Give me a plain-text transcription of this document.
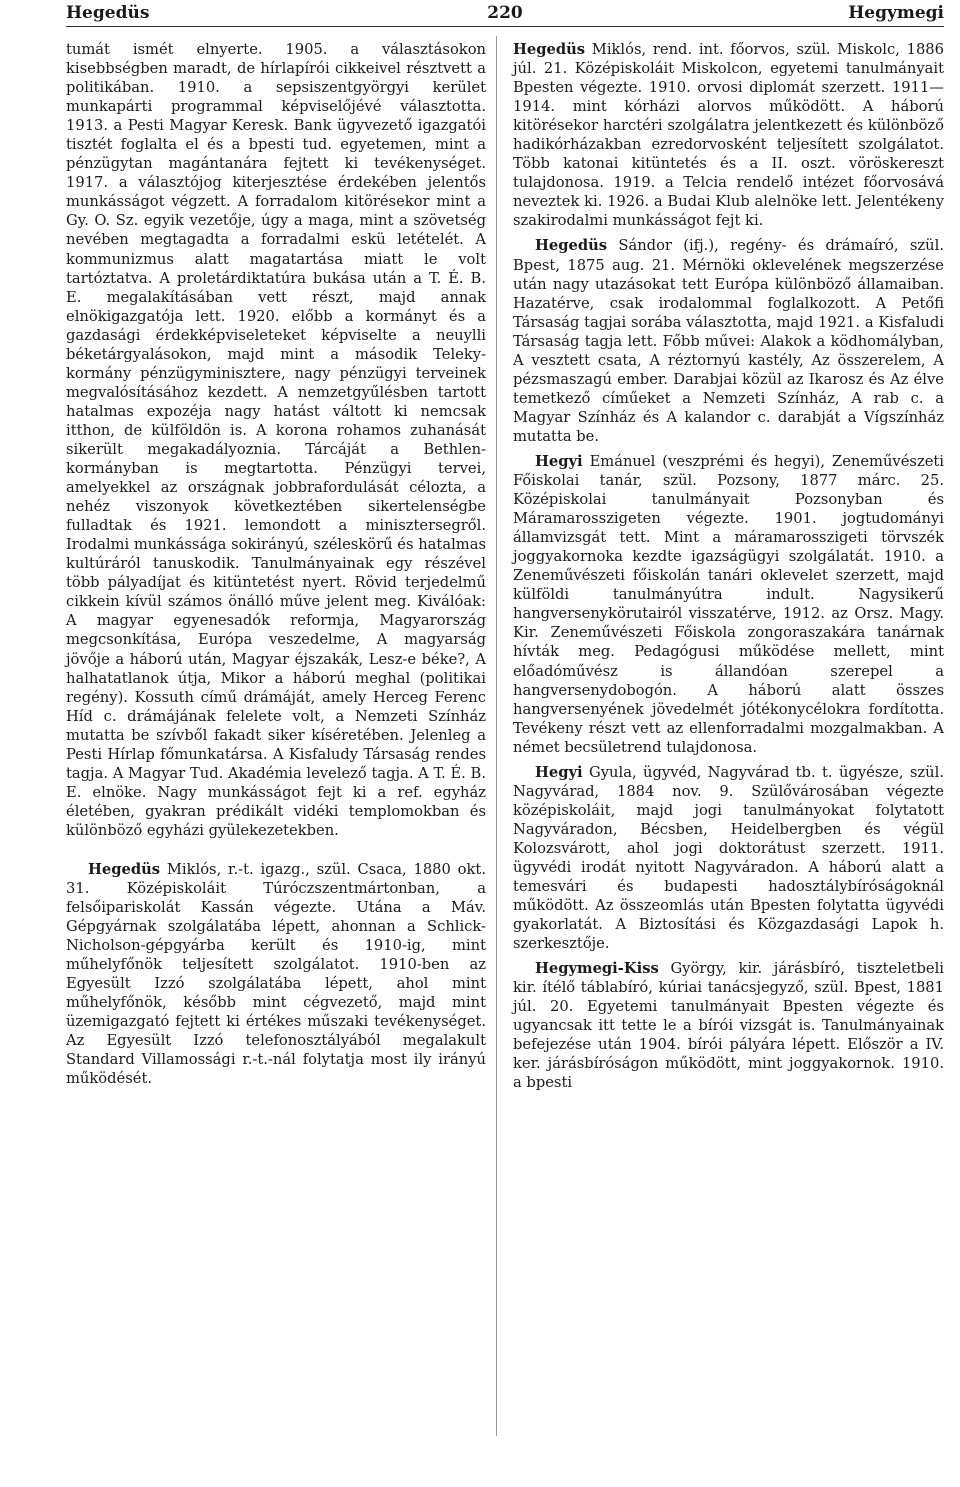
Hegedüs	220	Hegymegi

tumát ismét elnyerte. 1905. a választásokon kisebbségben maradt, de hírlapírói cikkeivel résztvett a politikában. 1910. a sepsiszentgyörgyi kerület munkapárti programmal képviselőjévé választotta. 1913. a Pesti Magyar Keresk. Bank ügyvezető igazgatói tisztét foglalta el és a bpesti tud. egyetemen, mint a pénzügytan magántanára fejtett ki tevékenységet. 1917. a választójog kiterjesztése érdekében jelentős munkásságot végzett. A forradalom kitörésekor mint a Gy. O. Sz. egyik vezetője, úgy a maga, mint a szövetség nevében megtagadta a forradalmi eskü letételét. A kommunizmus alatt magatartása miatt le volt tartóztatva. A proletárdiktatúra bukása után a T. É. B. E. megalakításában vett részt, majd annak elnökigazgatója lett. 1920. előbb a kormányt és a gazdasági érdekképviseleteket képviselte a neuylli béketárgyalásokon, majd mint a második Teleky-kormány pénzügyminisztere, nagy pénzügyi terveinek megvalósításához kezdett. A nemzetgyűlésben tartott hatalmas expozéja nagy hatást váltott ki nemcsak itthon, de külföldön is. A korona rohamos zuhanását sikerült megakadályoznia. Tárcáját a Bethlen-kormányban is megtartotta. Pénzügyi tervei, amelyekkel az országnak jobbrafordulását célozta, a nehéz viszonyok következtében sikertelenségbe fulladtak és 1921. lemondott a minisztersegről. Irodalmi munkássága sokirányú, széleskörű és hatalmas kultúráról tanuskodik. Tanulmányainak egy részével több pályadíjat és kitüntetést nyert. Rövid terjedelmű cikkein kívül számos önálló műve jelent meg. Kiválóak: A magyar egyenesadók reformja, Magyarország megcsonkítása, Európa veszedelme, A magyarság jövője a háború után, Magyar éjszakák, Lesz-e béke?, A halhatatlanok útja, Mikor a háború meghal (politikai regény). Kossuth című drámáját, amely Herceg Ferenc Híd c. drámájának felelete volt, a Nemzeti Színház mutatta be szívből fakadt siker kíséretében. Jelenleg a Pesti Hírlap főmunkatársa. A Kisfaludy Társaság rendes tagja. A Magyar Tud. Akadémia levelező tagja. A T. É. B. E. elnöke. Nagy munkásságot fejt ki a ref. egyház életében, gyakran prédikált vidéki templomokban és különböző egyházi gyülekezetekben.

Hegedüs Miklós, r.-t. igazg., szül. Csaca, 1880 okt. 31. Középiskoláit Túróczszentmártonban, a felsőipariskolát Kassán végezte. Utána a Máv. Gépgyárnak szolgálatába lépett, ahonnan a Schlick-Nicholson-gépgyárba került és 1910-ig, mint műhelyfőnök teljesített szolgálatot. 1910-ben az Egyesült Izzó szolgálatába lépett, ahol mint műhelyfőnök, később mint cégvezető, majd mint üzemigazgató fejtett ki értékes műszaki tevékenységet. Az Egyesült Izzó telefonosztályából megalakult Standard Villamossági r.-t.-nál folytatja most ily irányú működését.

Hegedüs Miklós, rend. int. főorvos, szül. Miskolc, 1886 júl. 21. Középiskoláit Miskolcon, egyetemi tanulmányait Bpesten végezte. 1910. orvosi diplomát szerzett. 1911—1914. mint kórházi alorvos működött. A háború kitörésekor harctéri szolgálatra jelentkezett és különböző hadikórházakban ezredorvosként teljesített szolgálatot. Több katonai kitüntetés és a II. oszt. vöröskereszt tulajdonosa. 1919. a Telcia rendelő intézet főorvosává neveztek ki. 1926. a Budai Klub alelnöke lett. Jelentékeny szakirodalmi munkásságot fejt ki.

Hegedüs Sándor (ifj.), regény- és drámaíró, szül. Bpest, 1875 aug. 21. Mérnöki oklevelének megszerzése után nagy utazásokat tett Európa különböző államaiban. Hazatérve, csak irodalommal foglalkozott. A Petőfi Társaság tagjai sorába választotta, majd 1921. a Kisfaludi Társaság tagja lett. Főbb művei: Alakok a ködhomályban, A vesztett csata, A réztornyú kastély, Az összerelem, A pézsmaszagú ember. Darabjai közül az Ikarosz és Az élve temetkező címűeket a Nemzeti Színház, A rab c. a Magyar Színház és A kalandor c. darabját a Vígszínház mutatta be.

Hegyi Emánuel (veszprémi és hegyi), Zeneművészeti Főiskolai tanár, szül. Pozsony, 1877 márc. 25. Középiskolai tanulmányait Pozsonyban és Máramarosszigeten végezte. 1901. jogtudományi államvizsgát tett. Mint a máramarosszigeti törvszék joggyakornoka kezdte igazságügyi szolgálatát. 1910. a Zeneművészeti főiskolán tanári oklevelet szerzett, majd külföldi tanulmányútra indult. Nagysikerű hangversenykörutairól visszatérve, 1912. az Orsz. Magy. Kir. Zeneművészeti Főiskola zongoraszakára tanárnak hívták meg. Pedagógusi működése mellett, mint előadóművész is állandóan szerepel a hangversenydobogón. A háború alatt összes hangversenyének jövedelmét jótékonycélokra fordította. Tevékeny részt vett az ellenforradalmi mozgalmakban. A német becsületrend tulajdonosa.

Hegyi Gyula, ügyvéd, Nagyvárad tb. t. ügyésze, szül. Nagyvárad, 1884 nov. 9. Szülővárosában végezte középiskoláit, majd jogi tanulmányokat folytatott Nagyváradon, Bécsben, Heidelbergben és végül Kolozsvárott, ahol jogi doktorátust szerzett. 1911. ügyvédi irodát nyitott Nagyváradon. A háború alatt a temesvári és budapesti hadosztálybíróságoknál működött. Az összeomlás után Bpesten folytatta ügyvédi gyakorlatát. A Biztosítási és Közgazdasági Lapok h. szerkesztője.

Hegymegi-Kiss György, kir. járásbíró, tiszteletbeli kir. ítélő táblabíró, kúriai tanácsjegyző, szül. Bpest, 1881 júl. 20. Egyetemi tanulmányait Bpesten végezte és ugyancsak itt tette le a bírói vizsgát is. Tanulmányainak befejezése után 1904. bírói pályára lépett. Először a IV. ker. járásbíróságon működött, mint joggyakornok. 1910. a bpesti
